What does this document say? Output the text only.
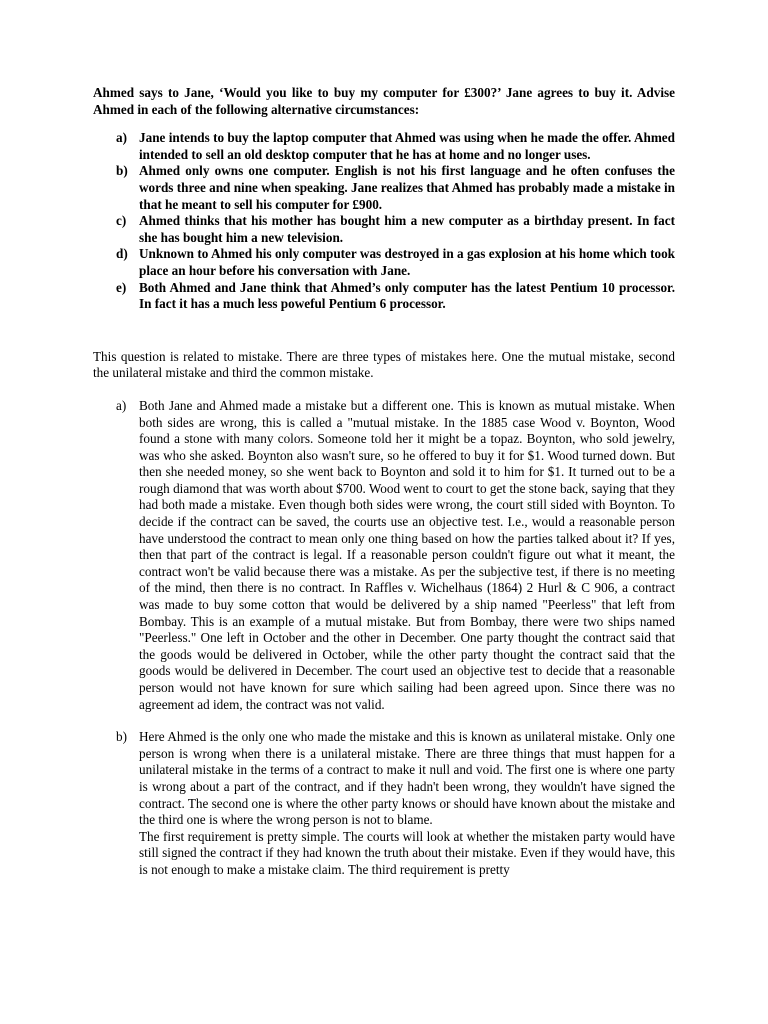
Ahmed says to Jane, ‘Would you like to buy my computer for £300?’ Jane agrees to buy it. Advise Ahmed in each of the following alternative circumstances:

a) Jane intends to buy the laptop computer that Ahmed was using when he made the offer. Ahmed intended to sell an old desktop computer that he has at home and no longer uses.
b) Ahmed only owns one computer. English is not his first language and he often confuses the words three and nine when speaking. Jane realizes that Ahmed has probably made a mistake in that he meant to sell his computer for £900.
c) Ahmed thinks that his mother has bought him a new computer as a birthday present. In fact she has bought him a new television.
d) Unknown to Ahmed his only computer was destroyed in a gas explosion at his home which took place an hour before his conversation with Jane.
e) Both Ahmed and Jane think that Ahmed’s only computer has the latest Pentium 10 processor. In fact it has a much less poweful Pentium 6 processor.

This question is related to mistake. There are three types of mistakes here. One the mutual mistake, second the unilateral mistake and third the common mistake.

a) Both Jane and Ahmed made a mistake but a different one. This is known as mutual mistake. When both sides are wrong, this is called a "mutual mistake. In the 1885 case Wood v. Boynton, Wood found a stone with many colors. Someone told her it might be a topaz. Boynton, who sold jewelry, was who she asked. Boynton also wasn't sure, so he offered to buy it for $1. Wood turned down. But then she needed money, so she went back to Boynton and sold it to him for $1. It turned out to be a rough diamond that was worth about $700. Wood went to court to get the stone back, saying that they had both made a mistake. Even though both sides were wrong, the court still sided with Boynton. To decide if the contract can be saved, the courts use an objective test. I.e., would a reasonable person have understood the contract to mean only one thing based on how the parties talked about it? If yes, then that part of the contract is legal. If a reasonable person couldn't figure out what it meant, the contract won't be valid because there was a mistake. As per the subjective test, if there is no meeting of the mind, then there is no contract. In Raffles v. Wichelhaus (1864) 2 Hurl & C 906, a contract was made to buy some cotton that would be delivered by a ship named "Peerless" that left from Bombay. This is an example of a mutual mistake. But from Bombay, there were two ships named "Peerless." One left in October and the other in December. One party thought the contract said that the goods would be delivered in October, while the other party thought the contract said that the goods would be delivered in December. The court used an objective test to decide that a reasonable person would not have known for sure which sailing had been agreed upon. Since there was no agreement ad idem, the contract was not valid.
b) Here Ahmed is the only one who made the mistake and this is known as unilateral mistake. Only one person is wrong when there is a unilateral mistake. There are three things that must happen for a unilateral mistake in the terms of a contract to make it null and void. The first one is where one party is wrong about a part of the contract, and if they hadn't been wrong, they wouldn't have signed the contract. The second one is where the other party knows or should have known about the mistake and the third one is where the wrong person is not to blame.
The first requirement is pretty simple. The courts will look at whether the mistaken party would have still signed the contract if they had known the truth about their mistake. Even if they would have, this is not enough to make a mistake claim. The third requirement is pretty
